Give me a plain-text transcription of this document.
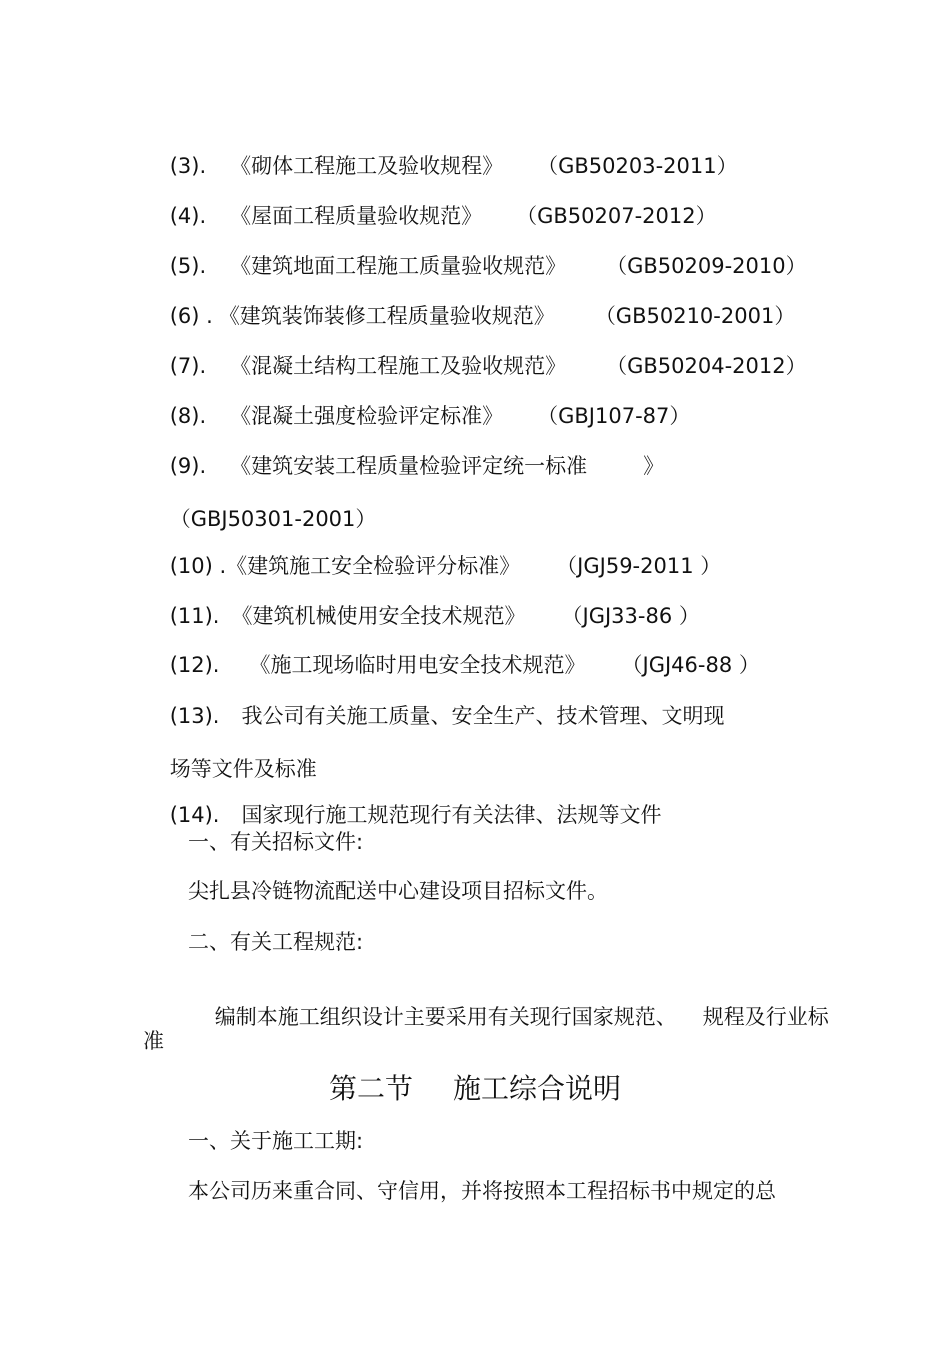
(3). 《砌体工程施工及验收规程》 （GB50203-2011）

(4). 《屋面工程质量验收规范》 （GB50207-2012）

(5). 《建筑地面工程施工质量验收规范》 （GB50209-2010）

(6) . 《建筑装饰装修工程质量验收规范》 （GB50210-2001）

(7). 《混凝土结构工程施工及验收规范》 （GB50204-2012）

(8). 《混凝土强度检验评定标准》 （GBJ107-87）

(9). 《建筑安装工程质量检验评定统一标准	》

（GBJ50301-2001）

(10) .《建筑施工安全检验评分标准》 （JGJ59-2011 ）

(11). 《建筑机械使用安全技术规范》 （JGJ33-86 ）

(12). 《施工现场临时用电安全技术规范》 （JGJ46-88 ）

(13). 我公司有关施工质量、安全生产、技术管理、文明现

场等文件及标准

(14). 国家现行施工规范现行有关法律、法规等文件

一、有关招标文件:
尖扎县冷链物流配送中心建设项目招标文件。
二、有关工程规范:

编制本施工组织设计主要采用有关现行国家规范、 规程及行业标

准
第二节 施工综合说明
一、关于施工工期:
本公司历来重合同、守信用，并将按照本工程招标书中规定的总
